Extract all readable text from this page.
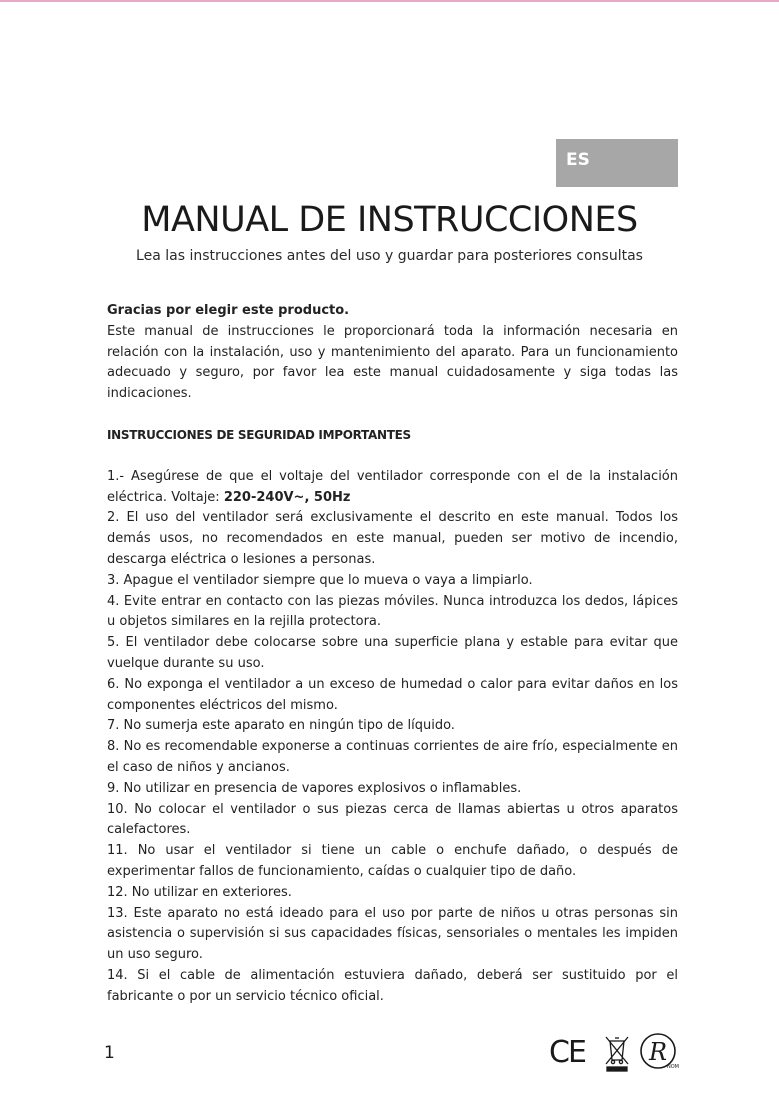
ES
MANUAL DE INSTRUCCIONES
Lea las instrucciones antes del uso y guardar para posteriores consultas

Gracias por elegir este producto.

Este manual de instrucciones le proporcionará toda la información necesaria en relación con la instalación, uso y mantenimiento del aparato. Para un funcionamiento adecuado y seguro, por favor lea este manual cuidadosamente y siga todas las indicaciones.

INSTRUCCIONES DE SEGURIDAD IMPORTANTES

1.- Asegúrese de que el voltaje del ventilador corresponde con el de la instalación eléctrica. Voltaje: 220-240V~, 50Hz

2. El uso del ventilador será exclusivamente el descrito en este manual. Todos los demás usos, no recomendados en este manual, pueden ser motivo de incendio, descarga eléctrica o lesiones a personas.

3. Apague el ventilador siempre que lo mueva o vaya a limpiarlo.

4. Evite entrar en contacto con las piezas móviles. Nunca introduzca los dedos, lápices u objetos similares en la rejilla protectora.

5. El ventilador debe colocarse sobre una superficie plana y estable para evitar que vuelque durante su uso.

6. No exponga el ventilador a un exceso de humedad o calor para evitar daños en los componentes eléctricos del mismo.

7. No sumerja este aparato en ningún tipo de líquido.

8. No es recomendable exponerse a continuas corrientes de aire frío, especialmente en el caso de niños y ancianos.

9. No utilizar en presencia de vapores explosivos o inflamables.

10. No colocar el ventilador o sus piezas cerca de llamas abiertas u otros aparatos calefactores.

11. No usar el ventilador si tiene un cable o enchufe dañado, o después de experimentar fallos de funcionamiento, caídas o cualquier tipo de daño.

12. No utilizar en exteriores.

13. Este aparato no está ideado para el uso por parte de niños u otras personas sin asistencia o supervisión si sus capacidades físicas, sensoriales o mentales les impiden un uso seguro.

14. Si el cable de alimentación estuviera dañado, deberá ser sustituido por el fabricante o por un servicio técnico oficial.

1	CE	R
NOM
